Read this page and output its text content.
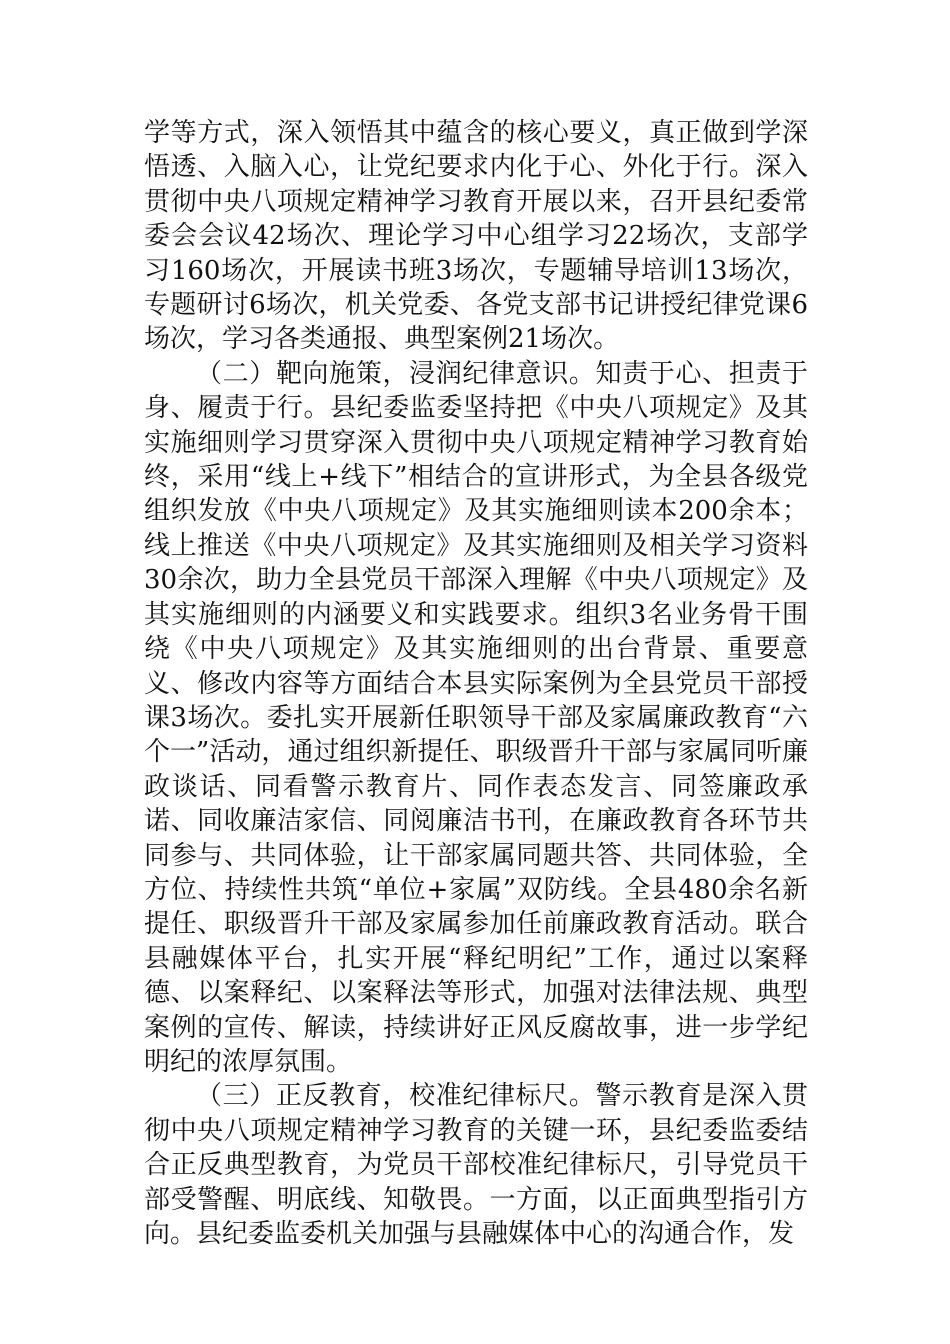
学等方式，深入领悟其中蕴含的核心要义，真正做到学深悟透、入脑入心，让党纪要求内化于心、外化于行。深入贯彻中央八项规定精神学习教育开展以来，召开县纪委常委会会议42场次、理论学习中心组学习22场次，支部学习160场次，开展读书班3场次，专题辅导培训13场次，专题研讨6场次，机关党委、各党支部书记讲授纪律党课6场次，学习各类通报、典型案例21场次。

（二）靶向施策，浸润纪律意识。知责于心、担责于身、履责于行。县纪委监委坚持把《中央八项规定》及其实施细则学习贯穿深入贯彻中央八项规定精神学习教育始终，采用“线上+线下”相结合的宣讲形式，为全县各级党组织发放《中央八项规定》及其实施细则读本200余本；线上推送《中央八项规定》及其实施细则及相关学习资料30余次，助力全县党员干部深入理解《中央八项规定》及其实施细则的内涵要义和实践要求。组织3名业务骨干围绕《中央八项规定》及其实施细则的出台背景、重要意义、修改内容等方面结合本县实际案例为全县党员干部授课3场次。委扎实开展新任职领导干部及家属廉政教育“六个一”活动，通过组织新提任、职级晋升干部与家属同听廉政谈话、同看警示教育片、同作表态发言、同签廉政承诺、同收廉洁家信、同阅廉洁书刊，在廉政教育各环节共同参与、共同体验，让干部家属同题共答、共同体验，全方位、持续性共筑“单位+家属”双防线。全县480余名新提任、职级晋升干部及家属参加任前廉政教育活动。联合县融媒体平台，扎实开展“释纪明纪”工作，通过以案释德、以案释纪、以案释法等形式，加强对法律法规、典型案例的宣传、解读，持续讲好正风反腐故事，进一步学纪明纪的浓厚氛围。

（三）正反教育，校准纪律标尺。警示教育是深入贯彻中央八项规定精神学习教育的关键一环，县纪委监委结合正反典型教育，为党员干部校准纪律标尺，引导党员干部受警醒、明底线、知敬畏。一方面，以正面典型指引方向。县纪委监委机关加强与县融媒体中心的沟通合作，发
